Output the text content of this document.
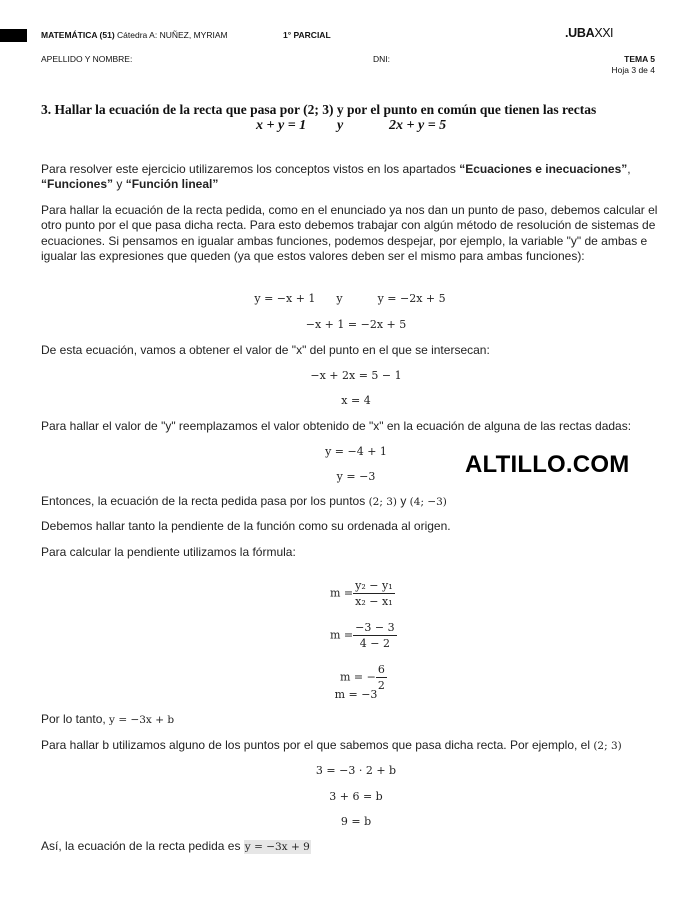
MATEMÁTICA (51) Cátedra A: NUÑEZ, MYRIAM	1° PARCIAL	.UBAXXI
APELLIDO Y NOMBRE:	DNI:	TEMA 5
Hoja 3 de 4
3. Hallar la ecuación de la recta que pasa por (2; 3) y por el punto en común que tienen las rectas
x + y = 1 y	2x + y = 5
Para resolver este ejercicio utilizaremos los conceptos vistos en los apartados “Ecuaciones e inecuaciones”, “Funciones” y “Función lineal”
Para hallar la ecuación de la recta pedida, como en el enunciado ya nos dan un punto de paso, debemos calcular el otro punto por el que pasa dicha recta. Para esto debemos trabajar con algún método de resolución de sistemas de ecuaciones. Si pensamos en igualar ambas funciones, podemos despejar, por ejemplo, la variable "y" de ambas e igualar las expresiones que queden (ya que estos valores deben ser el mismo para ambas funciones):
y = −x + 1      y          y = −2x + 5
−x + 1 = −2x + 5
De esta ecuación, vamos a obtener el valor de "x" del punto en el que se intersecan:
−x + 2x = 5 − 1
x = 4
Para hallar el valor de "y" reemplazamos el valor obtenido de "x" en la ecuación de alguna de las rectas dadas:
y = −4 + 1
y = −3	ALTILLO.COM
Entonces, la ecuación de la recta pedida pasa por los puntos (2; 3) y (4; −3)
Debemos hallar tanto la pendiente de la función como su ordenada al origen.
Para calcular la pendiente utilizamos la fórmula:

$m = \frac{\text{y₂ − y₁}}{\text{x₂ − x₁}}$

$m = \frac{-3 - 3}{4 - 2}$

m = − $\frac{6}{2}$

m = −3
Por lo tanto, y = −3x + b
Para hallar b utilizamos alguno de los puntos por el que sabemos que pasa dicha recta. Por ejemplo, el (2; 3)
3 = −3 · 2 + b
3 + 6 = b
9 = b
Así, la ecuación de la recta pedida es y = −3x + 9
